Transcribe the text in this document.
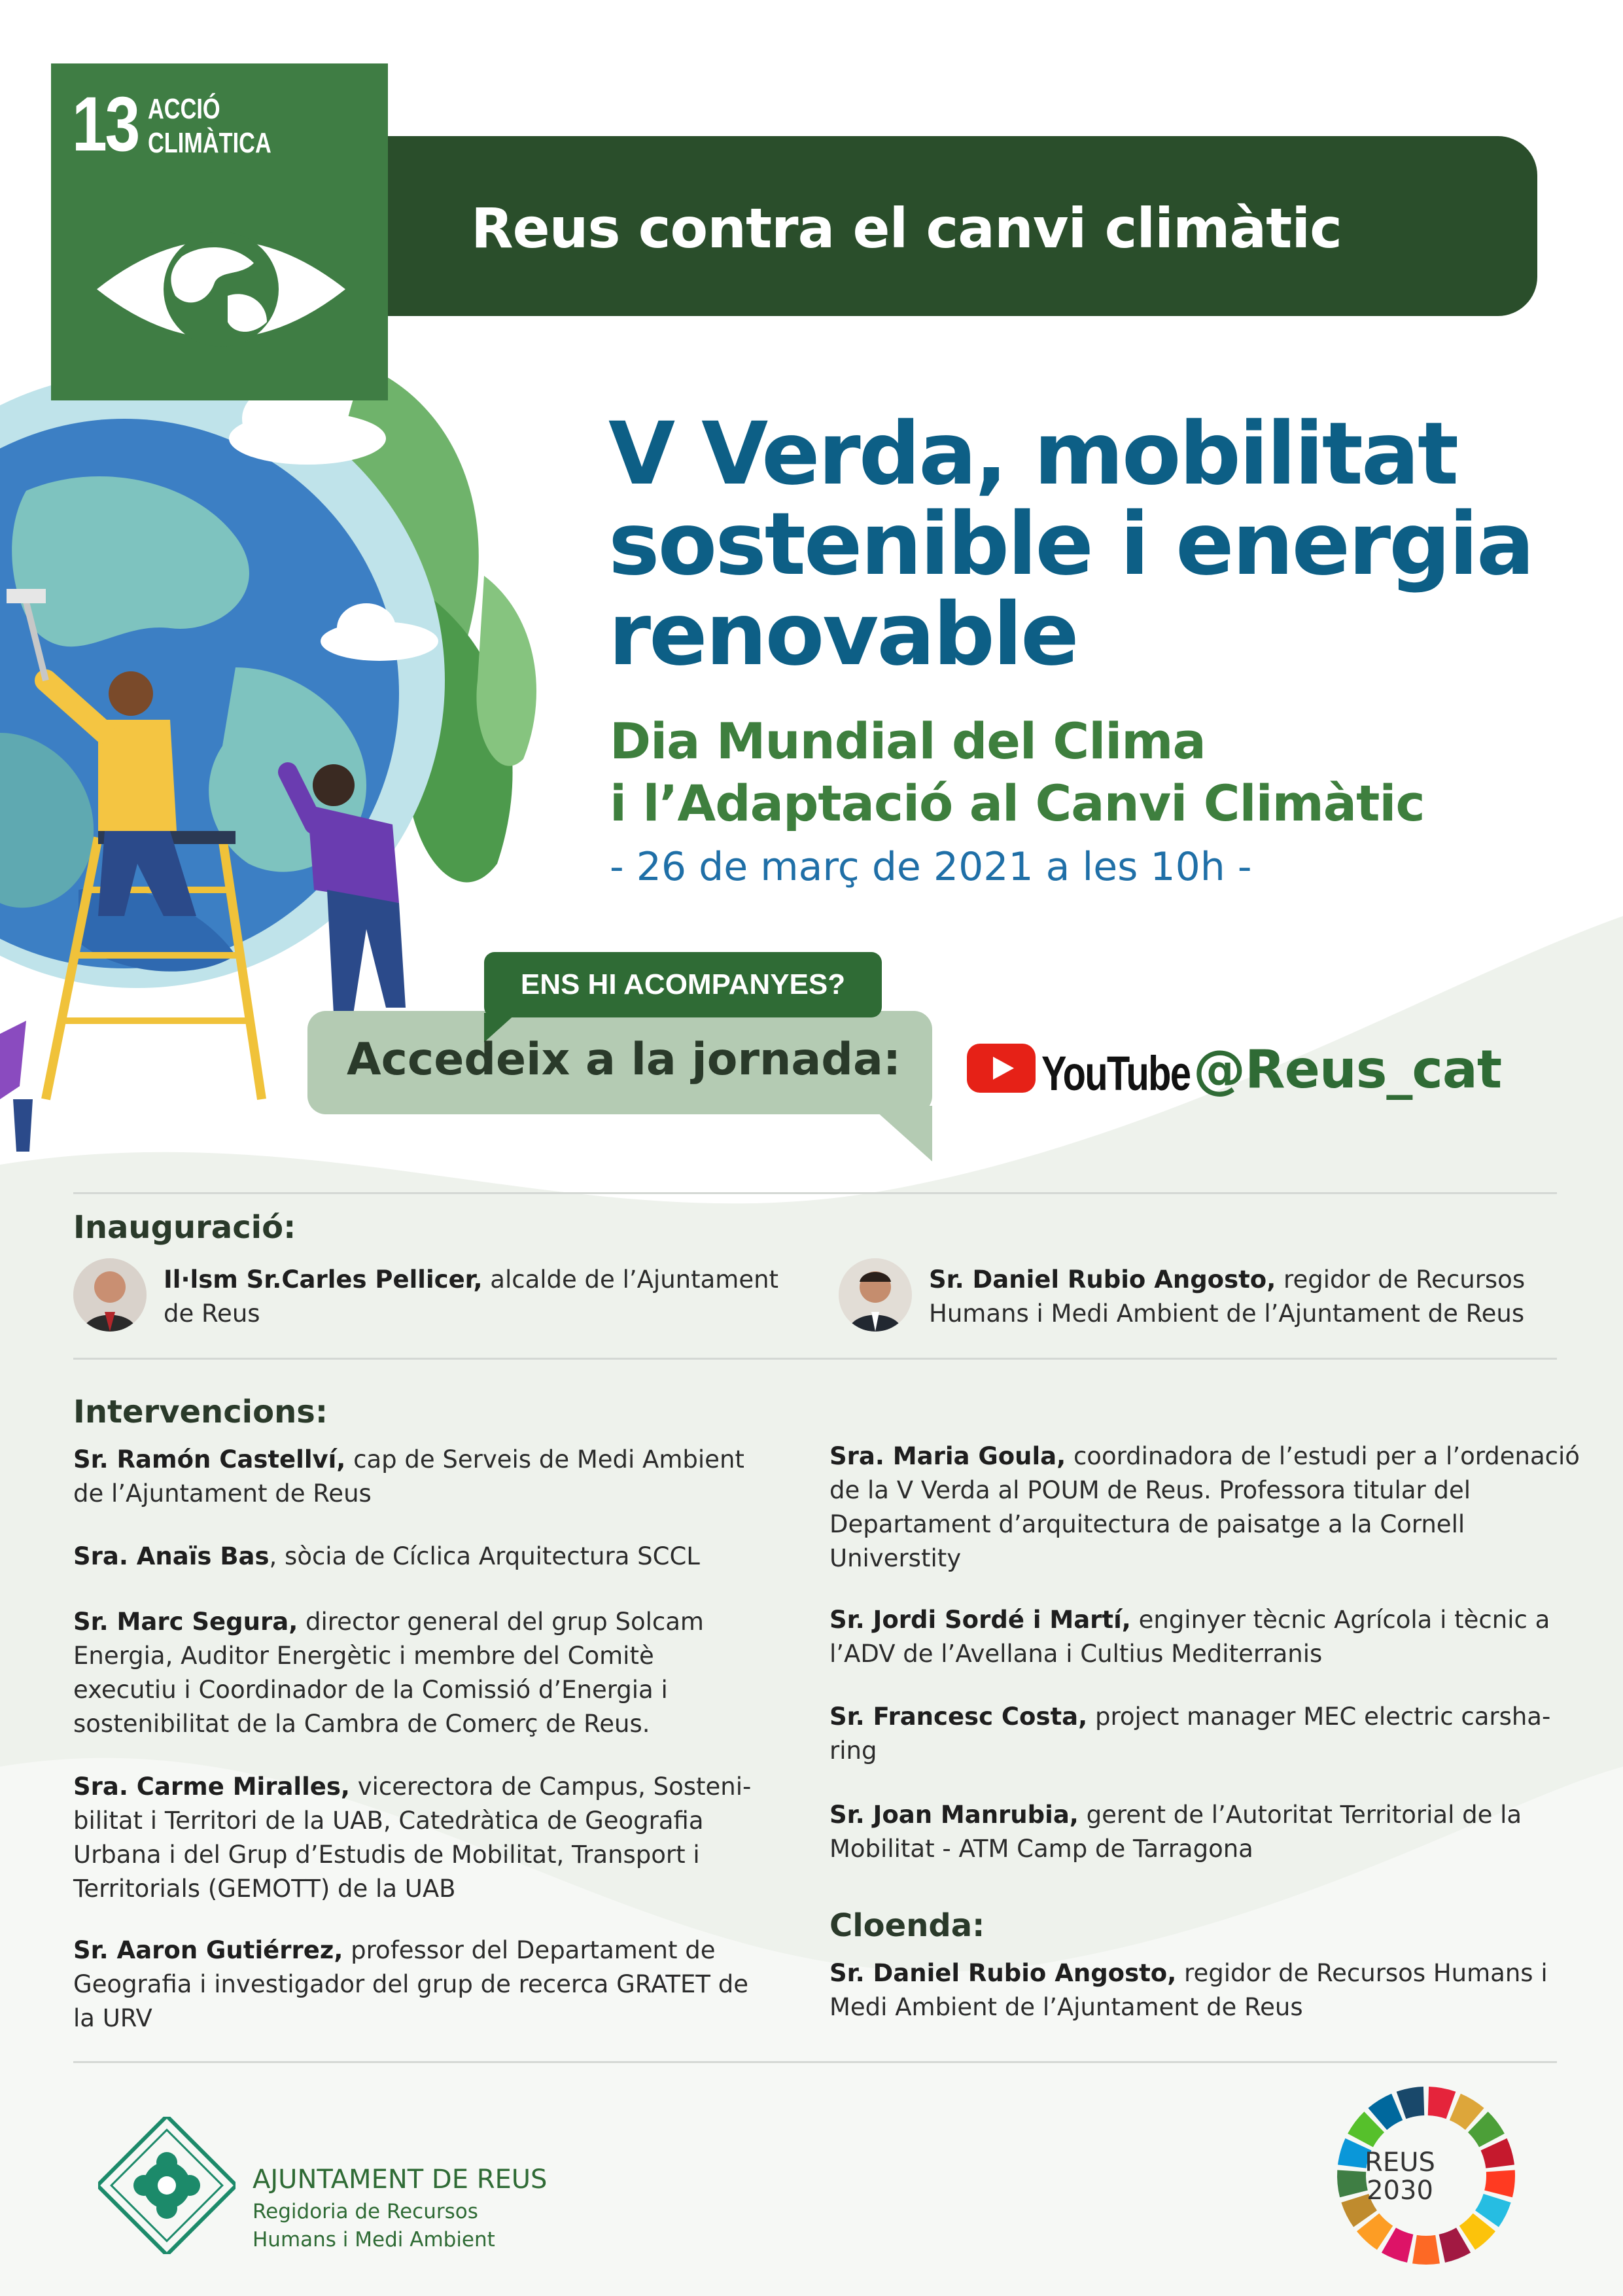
13 ACCIÓ
CLIMÀTICA
Reus contra el canvi climàtic
V Verda, mobilitat
sostenible i energia
renovable
Dia Mundial del Clima
i l’Adaptació al Canvi Climàtic
- 26 de març de 2021 a les 10h -
ENS HI ACOMPANYES?
Accedeix a la jornada:	YouTube @Reus_cat
Inauguració:
Il·lsm Sr.Carles Pellicer, alcalde de l’Ajuntament
de Reus
Sr. Daniel Rubio Angosto, regidor de Recursos
Humans i Medi Ambient de l’Ajuntament de Reus
Intervencions:
Sr. Ramón Castellví, cap de Serveis de Medi Ambient
de l’Ajuntament de Reus
Sra. Anaïs Bas, sòcia de Cíclica Arquitectura SCCL
Sr. Marc Segura, director general del grup Solcam
Energia, Auditor Energètic i membre del Comitè
executiu i Coordinador de la Comissió d’Energia i
sostenibilitat de la Cambra de Comerç de Reus.
Sra. Carme Miralles, vicerectora de Campus, Sosteni-
bilitat i Territori de la UAB, Catedràtica de Geografia
Urbana i del Grup d’Estudis de Mobilitat, Transport i
Territorials (GEMOTT) de la UAB
Sr. Aaron Gutiérrez, professor del Departament de
Geografia i investigador del grup de recerca GRATET de
la URV
Sra. Maria Goula, coordinadora de l’estudi per a l’ordenació
de la V Verda al POUM de Reus. Professora titular del
Departament d’arquitectura de paisatge a la Cornell
Universtity
Sr. Jordi Sordé i Martí, enginyer tècnic Agrícola i tècnic a
l’ADV de l’Avellana i Cultius Mediterranis
Sr. Francesc Costa, project manager MEC electric carsha-
ring
Sr. Joan Manrubia, gerent de l’Autoritat Territorial de la
Mobilitat - ATM Camp de Tarragona
Cloenda:
Sr. Daniel Rubio Angosto, regidor de Recursos Humans i
Medi Ambient de l’Ajuntament de Reus
AJUNTAMENT DE REUS
Regidoria de Recursos
Humans i Medi Ambient
REUS
2030
